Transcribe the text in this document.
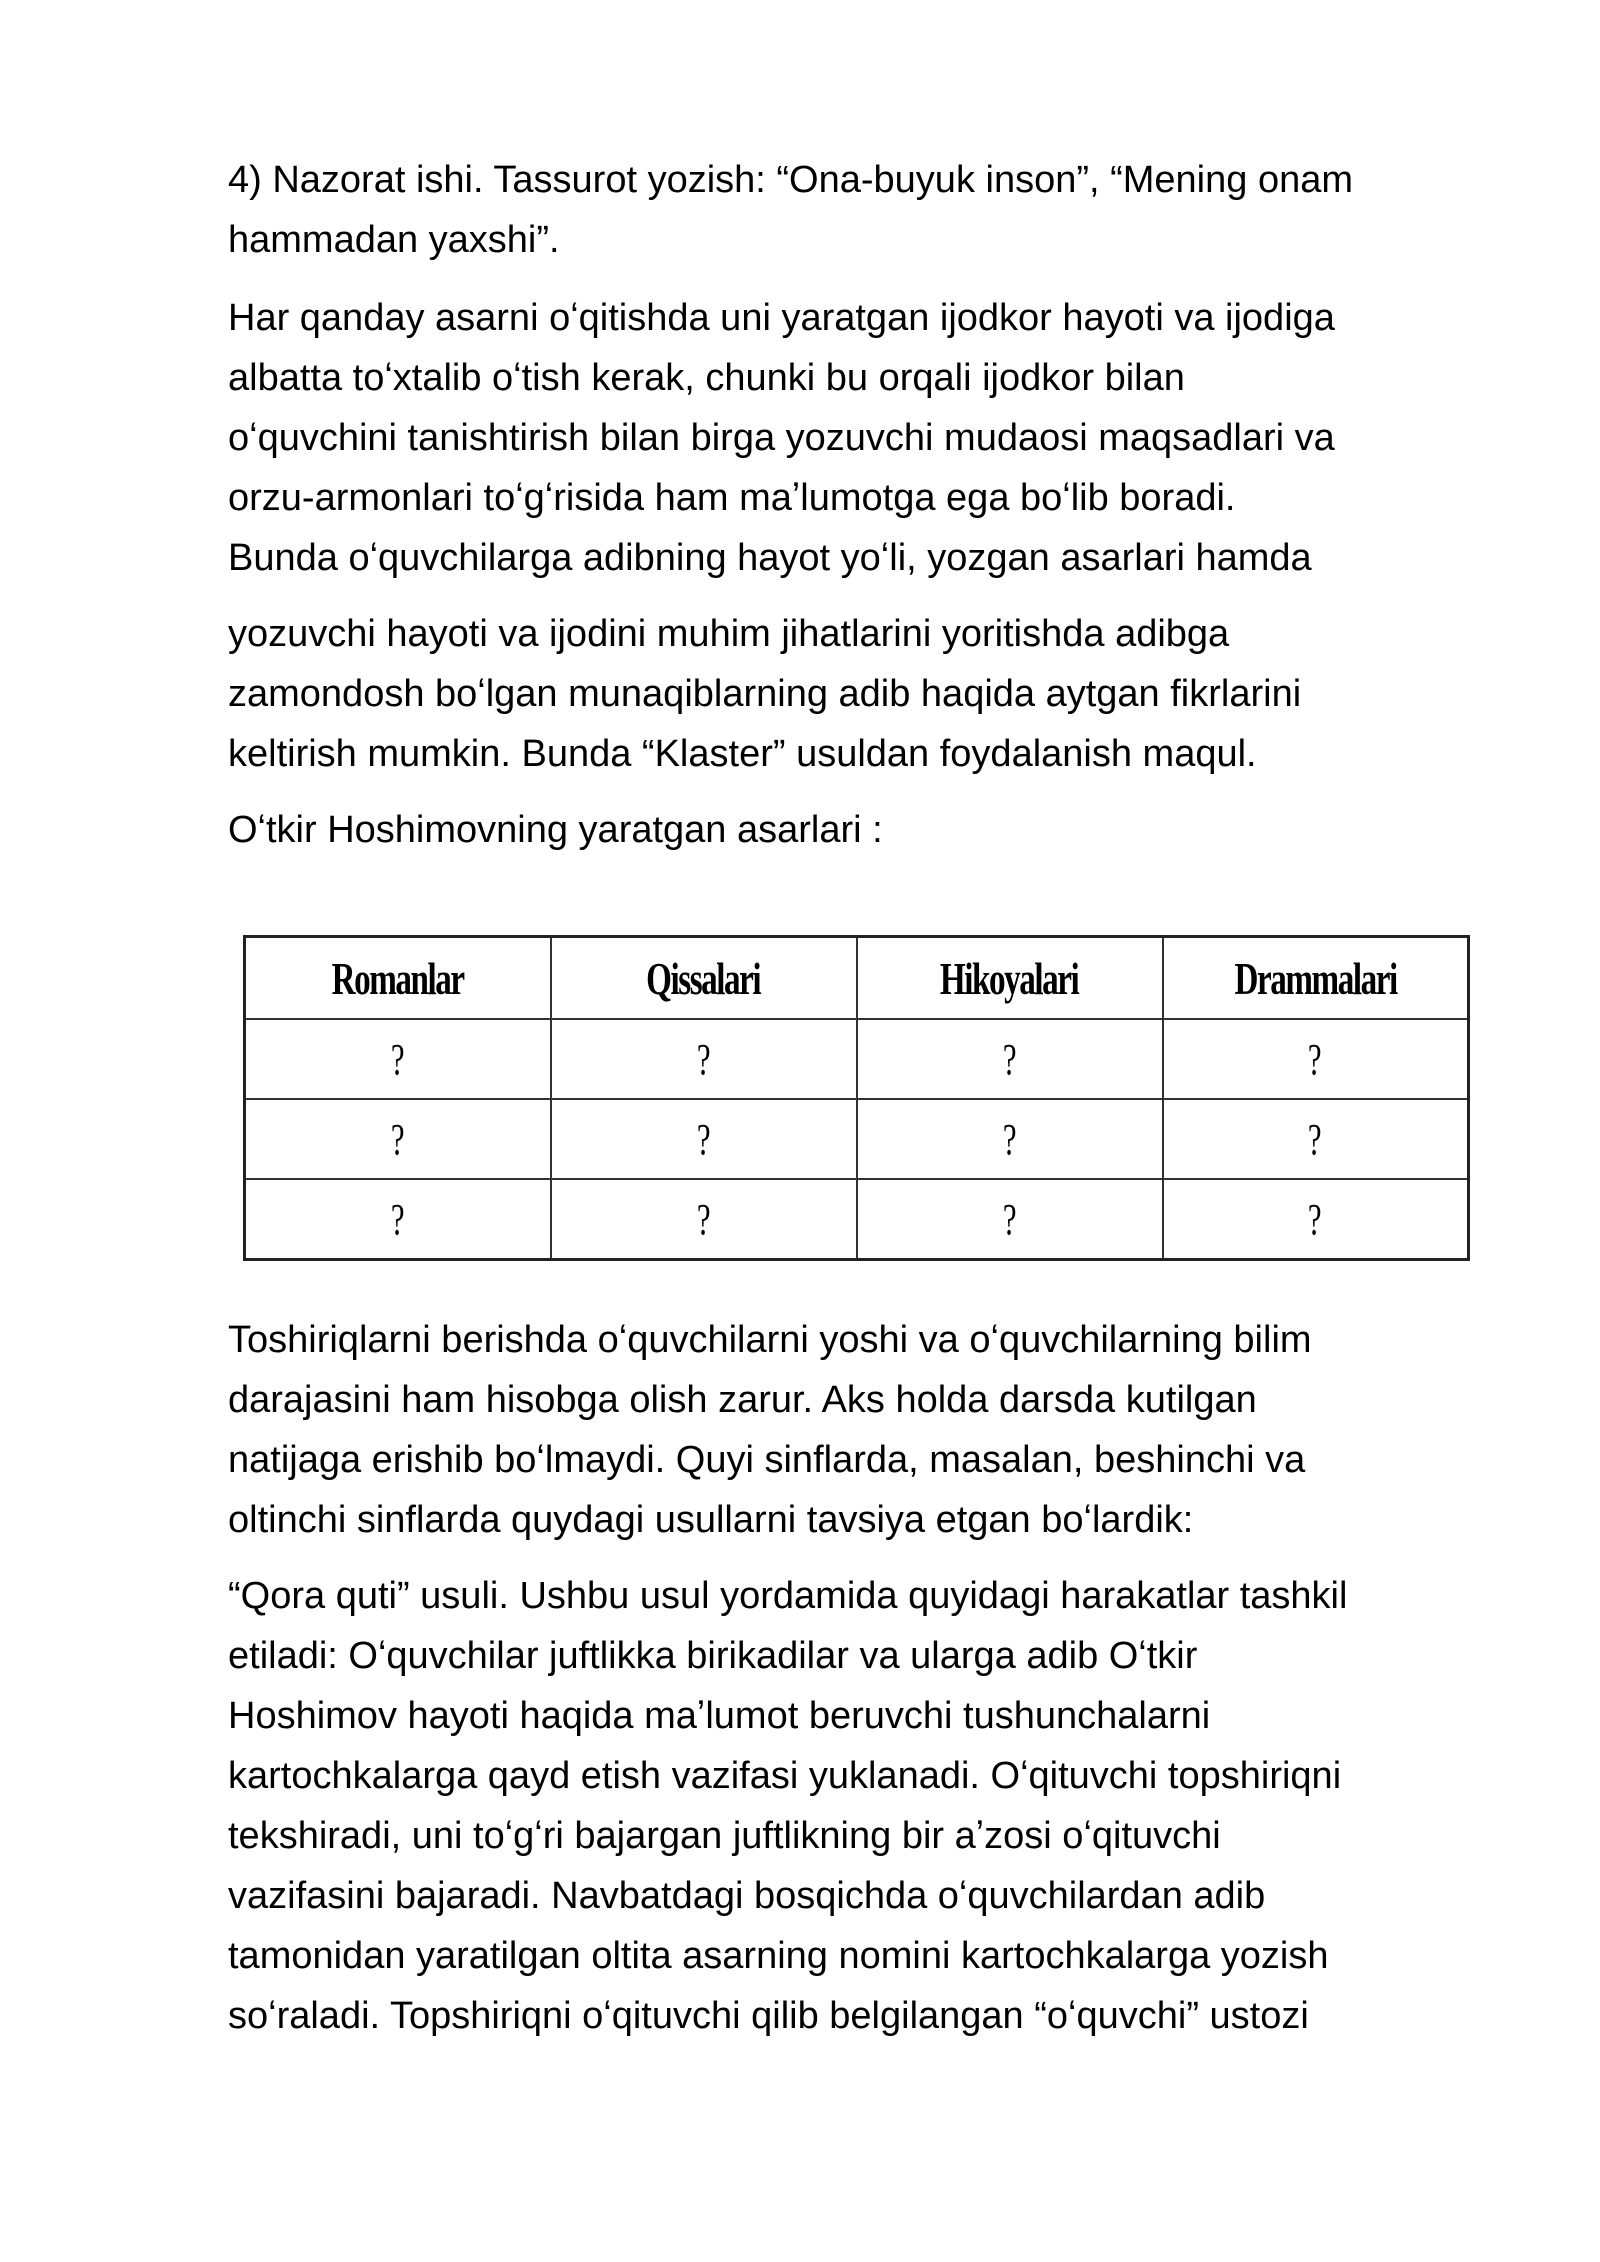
4) Nazorat ishi. Tassurot yozish: “Ona-buyuk inson”, “Mening onam
hammadan yaxshi”.

Har qanday asarni oʻqitishda uni yaratgan ijodkor hayoti va ijodiga
albatta toʻxtalib oʻtish kerak, chunki bu orqali ijodkor bilan
oʻquvchini tanishtirish bilan birga yozuvchi mudaosi maqsadlari va
orzu-armonlari toʻgʻrisida ham maʼlumotga ega boʻlib boradi.
Bunda oʻquvchilarga adibning hayot yoʻli, yozgan asarlari hamda

yozuvchi hayoti va ijodini muhim jihatlarini yoritishda adibga
zamondosh boʻlgan munaqiblarning adib haqida aytgan fikrlarini
keltirish mumkin. Bunda “Klaster” usuldan foydalanish maqul.

Oʻtkir Hoshimovning yaratgan asarlari :

Romanlar	Qissalari	Hikoyalari	Drammalari
?	?	?	?
?	?	?	?
?	?	?	?

Toshiriqlarni berishda oʻquvchilarni yoshi va oʻquvchilarning bilim
darajasini ham hisobga olish zarur. Aks holda darsda kutilgan
natijaga erishib boʻlmaydi. Quyi sinflarda, masalan, beshinchi va
oltinchi sinflarda quydagi usullarni tavsiya etgan boʻlardik:

“Qora quti” usuli. Ushbu usul yordamida quyidagi harakatlar tashkil
etiladi: Oʻquvchilar juftlikka birikadilar va ularga adib Oʻtkir
Hoshimov hayoti haqida maʼlumot beruvchi tushunchalarni
kartochkalarga qayd etish vazifasi yuklanadi. Oʻqituvchi topshiriqni
tekshiradi, uni toʻgʻri bajargan juftlikning bir aʼzosi oʻqituvchi
vazifasini bajaradi. Navbatdagi bosqichda oʻquvchilardan adib
tamonidan yaratilgan oltita asarning nomini kartochkalarga yozish
soʻraladi. Topshiriqni oʻqituvchi qilib belgilangan “oʻquvchi” ustozi
